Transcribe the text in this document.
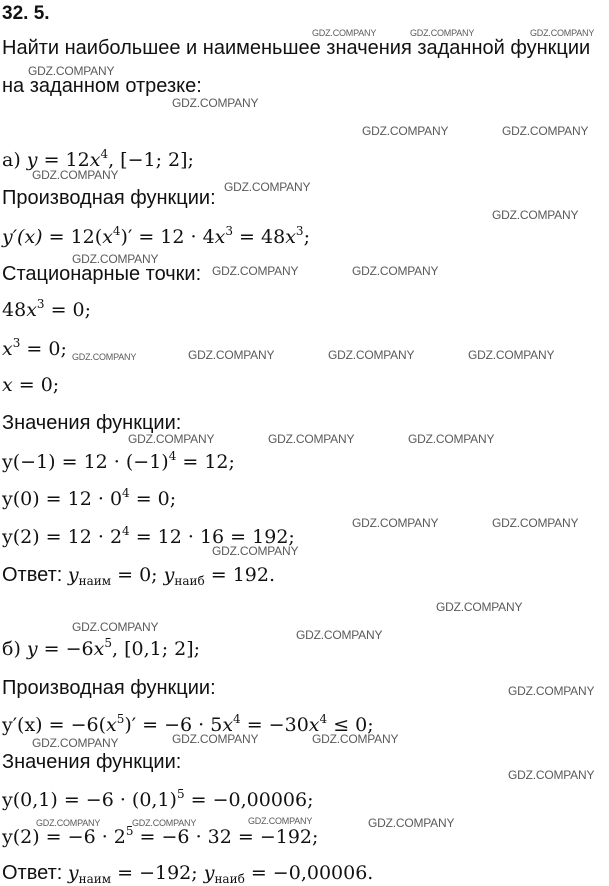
32. 5.
Найти наибольшее и наименьшее значения заданной функции
на заданном отрезке:
а) $y = 12x^4$, [−1; 2];
Производная функции:
$y'(x) = 12(x^4)' = 12 \cdot 4x^3 = 48x^3$;
Стационарные точки:
$48x^3 = 0$;
$x^3 = 0$;
x = 0;
Значения функции:
$y(-1) = 12 \cdot (-1)^4 = 12$;
$y(0) = 12 \cdot 0^4 = 0$;
$y(2) = 12 \cdot 2^4 = 12 \cdot 16 = 192$;
Ответ: $y_{наим} = 0$; $y_{наиб} = 192$.
б) $y = -6x^5$, [0,1; 2];
Производная функции:
$y'(x) = -6(x^5)' = -6 \cdot 5x^4 = -30x^4 \le 0$;
Значения функции:
$y(0,1) = -6 \cdot (0,1)^5 = -0,00006$;
$y(2) = -6 \cdot 2^5 = -6 \cdot 32 = -192$;
Ответ: $y_{наим} = -192$; $y_{наиб} = -0,00006$.
GDZ.COMPANY	GDZ.COMPANY	GDZ.COMPANY
GDZ.COMPANY
GDZ.COMPANY
GDZ.COMPANY	GDZ.COMPANY
GDZ.COMPANY
GDZ.COMPANY
GDZ.COMPANY
GDZ.COMPANY
GDZ.COMPANY	GDZ.COMPANY
GDZ.COMPANY	GDZ.COMPANY	GDZ.COMPANY	GDZ.COMPANY
GDZ.COMPANY	GDZ.COMPANY	GDZ.COMPANY
GDZ.COMPANY	GDZ.COMPANY
GDZ.COMPANY
GDZ.COMPANY
GDZ.COMPANY
GDZ.COMPANY
GDZ.COMPANY
GDZ.COMPANY	GDZ.COMPANY	GDZ.COMPANY
GDZ.COMPANY
GDZ.COMPANY	GDZ.COMPANY	GDZ.COMPANY	GDZ.COMPANY
